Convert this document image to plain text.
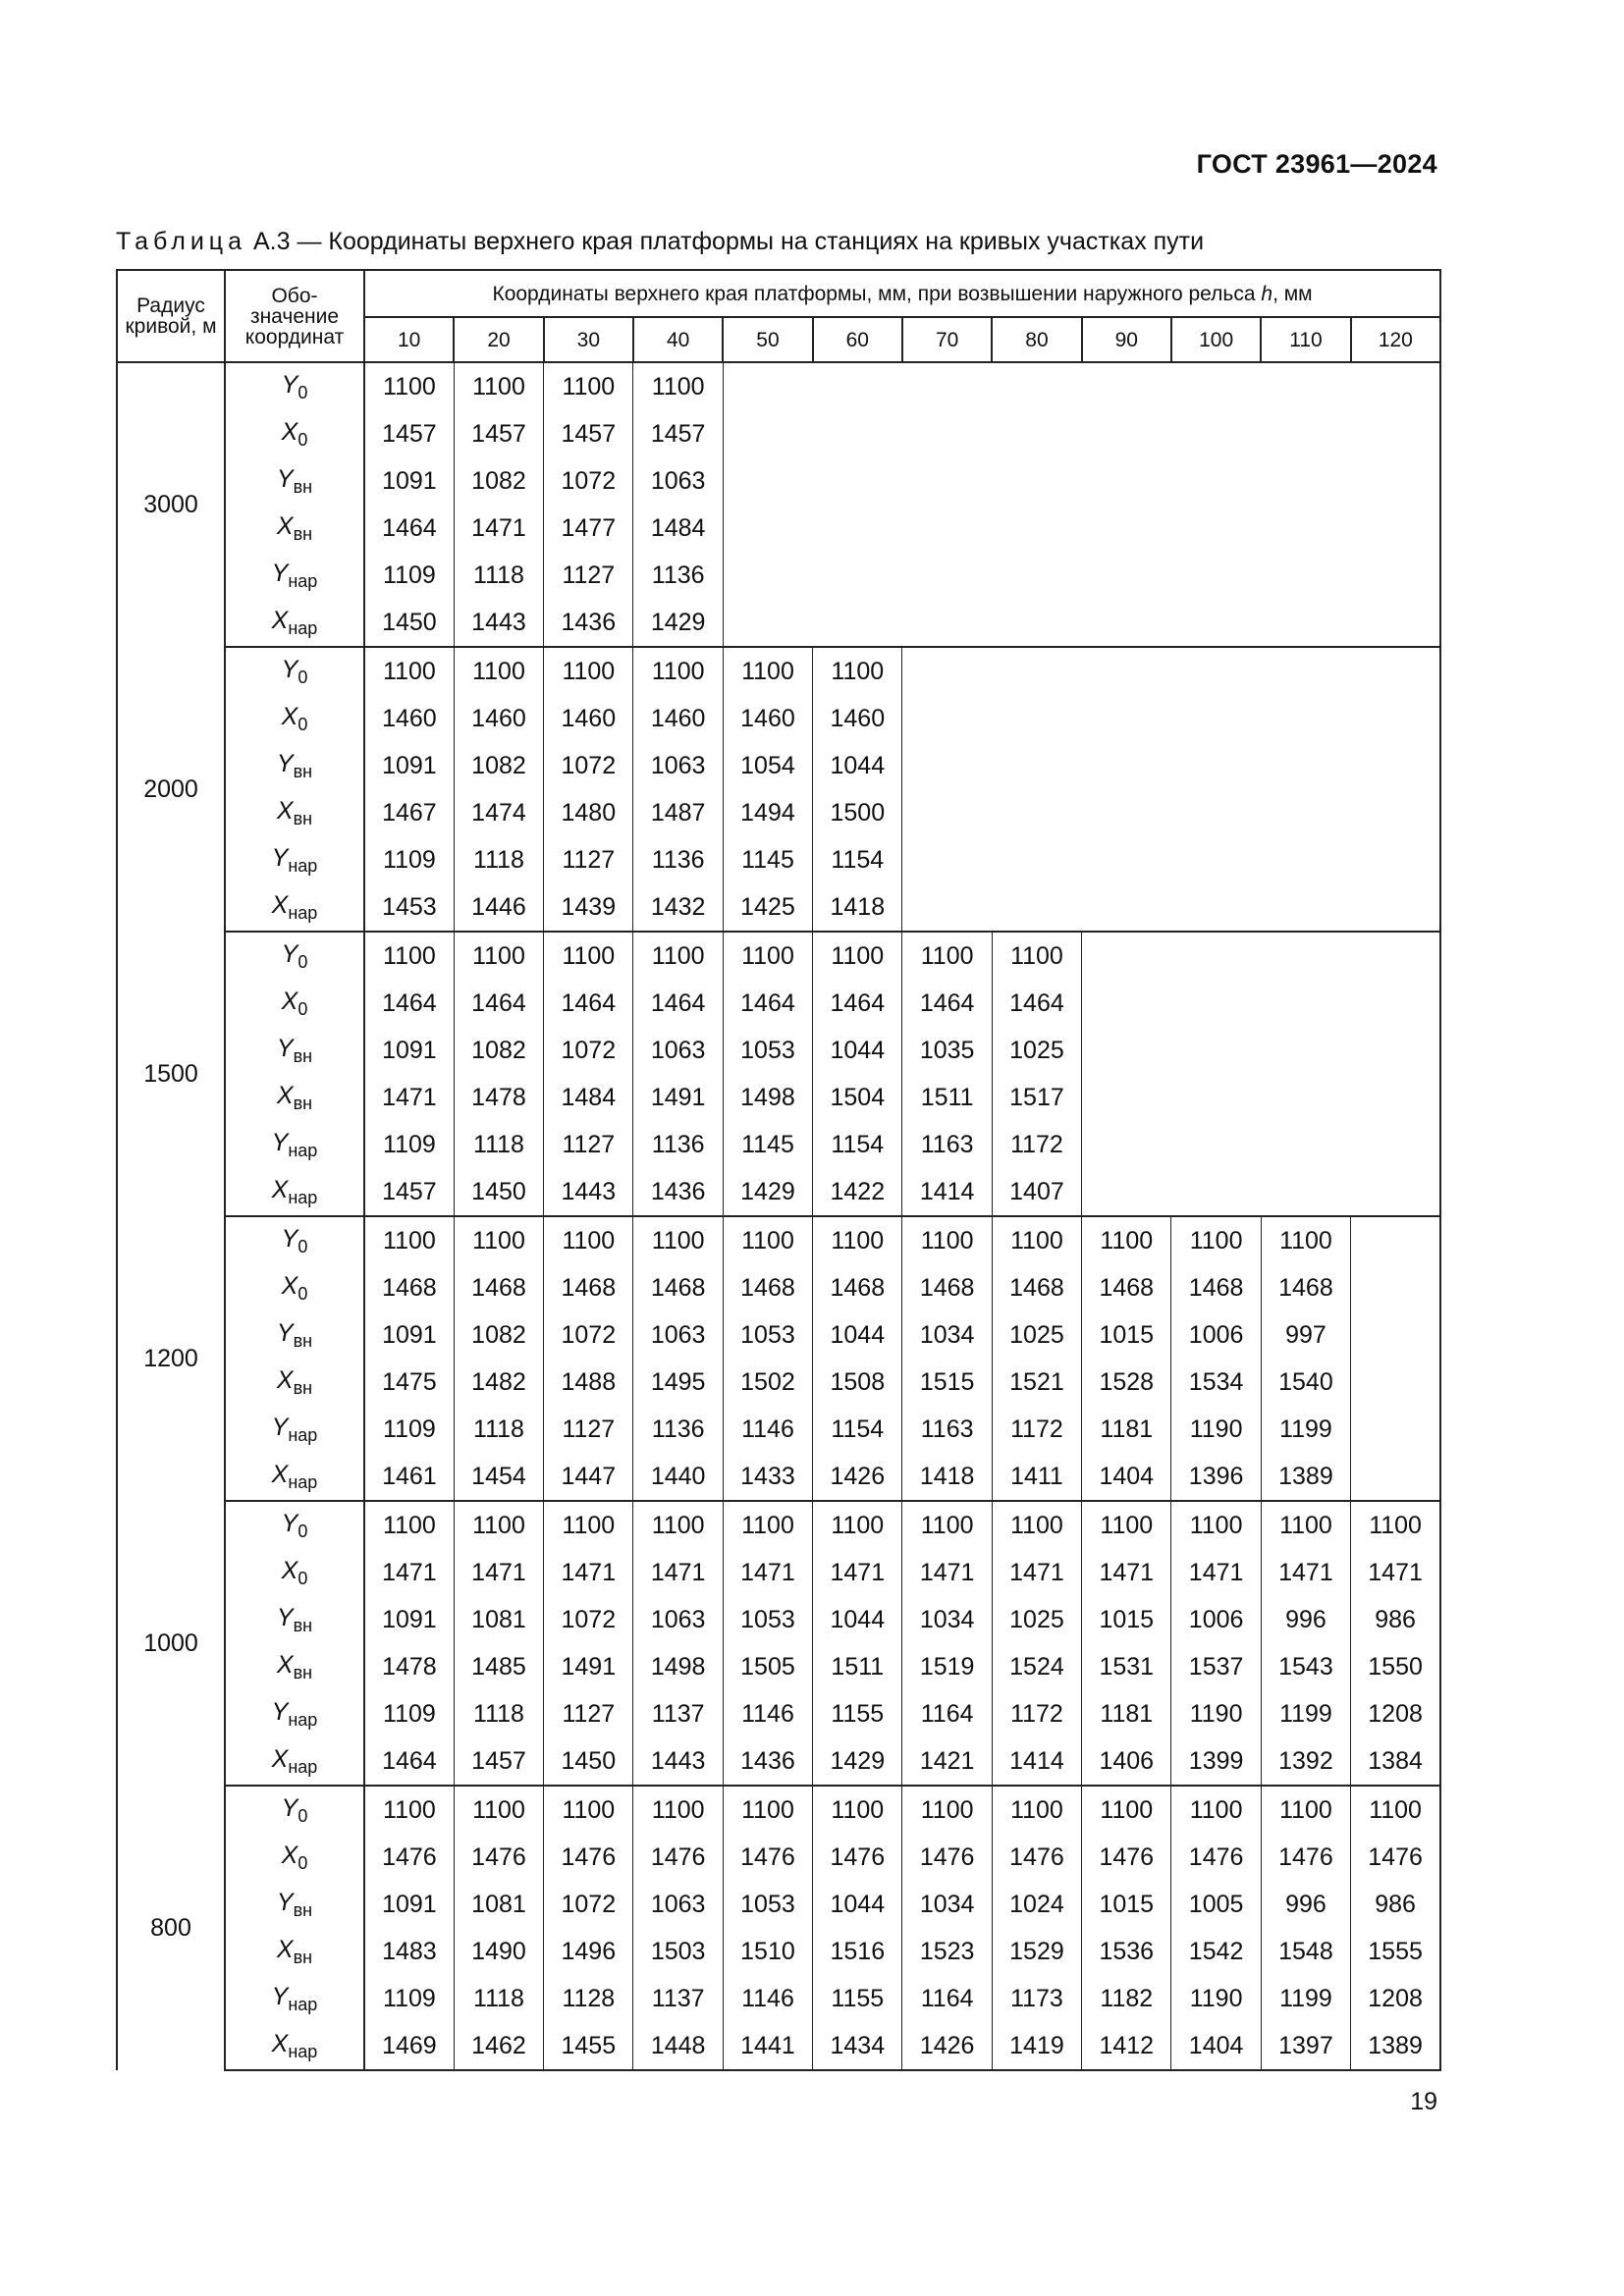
ГОСТ 23961—2024
Таблица А.3 — Координаты верхнего края платформы на станциях на кривых участках пути
Радиус кривой, м	Обо-
значение
координат	Координаты верхнего края платформы, мм, при возвышении наружного рельса h, мм											
		10	20	30	40	50	60	70	80	90	100	110	120
3000	$Y_0$	1100	1100	1100	1100								
	$X_0$	1457	1457	1457	1457								
	$Y_{вн}$	1091	1082	1072	1063								
	$X_{вн}$	1464	1471	1477	1484								
	$Y_{нар}$	1109	1118	1127	1136								
	$X_{нар}$	1450	1443	1436	1429								
2000	$Y_0$	1100	1100	1100	1100	1100	1100						
	$X_0$	1460	1460	1460	1460	1460	1460						
	$Y_{вн}$	1091	1082	1072	1063	1054	1044						
	$X_{вн}$	1467	1474	1480	1487	1494	1500						
	$Y_{нар}$	1109	1118	1127	1136	1145	1154						
	$X_{нар}$	1453	1446	1439	1432	1425	1418						
1500	$Y_0$	1100	1100	1100	1100	1100	1100	1100	1100				
	$X_0$	1464	1464	1464	1464	1464	1464	1464	1464				
	$Y_{вн}$	1091	1082	1072	1063	1053	1044	1035	1025				
	$X_{вн}$	1471	1478	1484	1491	1498	1504	1511	1517				
	$Y_{нар}$	1109	1118	1127	1136	1145	1154	1163	1172				
	$X_{нар}$	1457	1450	1443	1436	1429	1422	1414	1407				
1200	$Y_0$	1100	1100	1100	1100	1100	1100	1100	1100	1100	1100	1100	
	$X_0$	1468	1468	1468	1468	1468	1468	1468	1468	1468	1468	1468	
	$Y_{вн}$	1091	1082	1072	1063	1053	1044	1034	1025	1015	1006	997	
	$X_{вн}$	1475	1482	1488	1495	1502	1508	1515	1521	1528	1534	1540	
	$Y_{нар}$	1109	1118	1127	1136	1146	1154	1163	1172	1181	1190	1199	
	$X_{нар}$	1461	1454	1447	1440	1433	1426	1418	1411	1404	1396	1389	
1000	$Y_0$	1100	1100	1100	1100	1100	1100	1100	1100	1100	1100	1100	1100
	$X_0$	1471	1471	1471	1471	1471	1471	1471	1471	1471	1471	1471	1471
	$Y_{вн}$	1091	1081	1072	1063	1053	1044	1034	1025	1015	1006	996	986
	$X_{вн}$	1478	1485	1491	1498	1505	1511	1519	1524	1531	1537	1543	1550
	$Y_{нар}$	1109	1118	1127	1137	1146	1155	1164	1172	1181	1190	1199	1208
	$X_{нар}$	1464	1457	1450	1443	1436	1429	1421	1414	1406	1399	1392	1384
800	$Y_0$	1100	1100	1100	1100	1100	1100	1100	1100	1100	1100	1100	1100
	$X_0$	1476	1476	1476	1476	1476	1476	1476	1476	1476	1476	1476	1476
	$Y_{вн}$	1091	1081	1072	1063	1053	1044	1034	1024	1015	1005	996	986
	$X_{вн}$	1483	1490	1496	1503	1510	1516	1523	1529	1536	1542	1548	1555
	$Y_{нар}$	1109	1118	1128	1137	1146	1155	1164	1173	1182	1190	1199	1208
	$X_{нар}$	1469	1462	1455	1448	1441	1434	1426	1419	1412	1404	1397	1389
19
